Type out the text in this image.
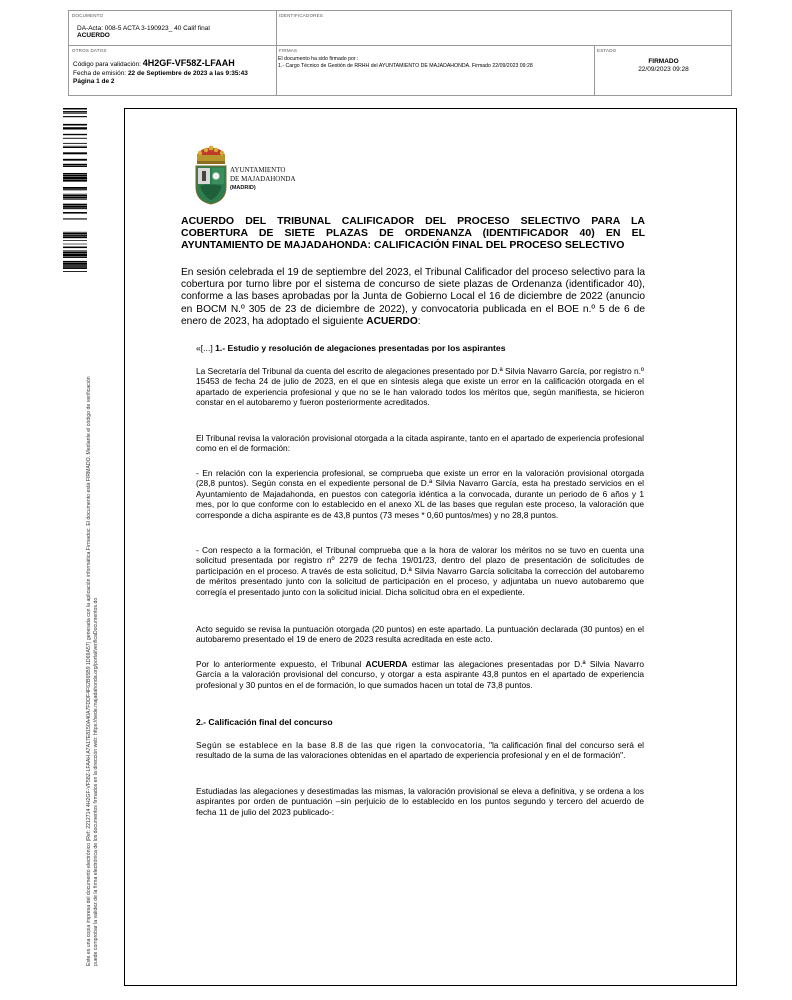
DOCUMENTO
DA-Acta: 008-5 ACTA 3-190923_ 40 Calif final
ACUERDO
IDENTIFICADORES
OTROS DATOS
Código para validación: 4H2GF-VF58Z-LFAAH
Fecha de emisión: 22 de Septiembre de 2023 a las 9:35:43
Página 1 de 2
FIRMAS
El documento ha sido firmado por :
1.- Cargo Técnico de Gestión de RRHH del AYUNTAMIENTO DE MAJADAHONDA. Firmado 22/09/2023 09:28
ESTADO
FIRMADO
22/09/2023 09:28
Este es una copia impresa del documento electrónico (Ref: 2212714 4H2GF-VF58Z-LFAAH A7A17E8150A40A7FDDF4F62B65B9 1D69A57) generada con la aplicación informática Firmadoc. El documento está FIRMADO. Mediante el código de verificación puede comprobar la validez de la firma electrónica de los documentos firmados en la dirección web: https://sede.majadahonda.org/portal/verificaDocumentos.do
AYUNTAMIENTO
DE MAJADAHONDA
(MADRID)
ACUERDO DEL TRIBUNAL CALIFICADOR DEL PROCESO SELECTIVO PARA LA COBERTURA DE SIETE PLAZAS DE ORDENANZA (IDENTIFICADOR 40) EN EL AYUNTAMIENTO DE MAJADAHONDA: CALIFICACIÓN FINAL DEL PROCESO SELECTIVO
En sesión celebrada el 19 de septiembre del 2023, el Tribunal Calificador del proceso selectivo para la cobertura por turno libre por el sistema de concurso de siete plazas de Ordenanza (identificador 40), conforme a las bases aprobadas por la Junta de Gobierno Local el 16 de diciembre de 2022 (anuncio en BOCM N.º 305 de 23 de diciembre de 2022), y convocatoria publicada en el BOE n.º 5 de 6 de enero de 2023, ha adoptado el siguiente ACUERDO:
«[...] 1.- Estudio y resolución de alegaciones presentadas por los aspirantes
La Secretaría del Tribunal da cuenta del escrito de alegaciones presentado por D.ª Silvia Navarro García, por registro n.º 15453 de fecha 24 de julio de 2023, en el que en síntesis alega que existe un error en la calificación otorgada en el apartado de experiencia profesional y que no se le han valorado todos los méritos que, según manifiesta, se hicieron constar en el autobaremo y fueron posteriormente acreditados.
El Tribunal revisa la valoración provisional otorgada a la citada aspirante, tanto en el apartado de experiencia profesional como en el de formación:
- En relación con la experiencia profesional, se comprueba que existe un error en la valoración provisional otorgada (28,8 puntos). Según consta en el expediente personal de D.ª Silvia Navarro García, esta ha prestado servicios en el Ayuntamiento de Majadahonda, en puestos con categoría idéntica a la convocada, durante un periodo de 6 años y 1 mes, por lo que conforme con lo establecido en el anexo XL de las bases que regulan este proceso, la valoración que corresponde a dicha aspirante es de 43,8 puntos (73 meses * 0,60 puntos/mes) y no 28,8 puntos.
- Con respecto a la formación, el Tribunal comprueba que a la hora de valorar los méritos no se tuvo en cuenta una solicitud presentada por registro nº 2279 de fecha 19/01/23, dentro del plazo de presentación de solicitudes de participación en el proceso. A través de esta solicitud, D.ª Silvia Navarro García solicitaba la corrección del autobaremo de méritos presentado junto con la solicitud de participación en el proceso, y adjuntaba un nuevo autobaremo que corregía el presentado junto con la solicitud inicial. Dicha solicitud obra en el expediente.
Acto seguido se revisa la puntuación otorgada (20 puntos) en este apartado. La puntuación declarada (30 puntos) en el autobaremo presentado el 19 de enero de 2023 resulta acreditada en este acto.
Por lo anteriormente expuesto, el Tribunal ACUERDA estimar las alegaciones presentadas por D.ª Silvia Navarro García a la valoración provisional del concurso, y otorgar a esta aspirante 43,8 puntos en el apartado de experiencia profesional y 30 puntos en el de formación, lo que sumados hacen un total de 73,8 puntos.
2.- Calificación final del concurso
Según se establece en la base 8.8 de las que rigen la convocatoria, "la calificación final del concurso será el resultado de la suma de las valoraciones obtenidas en el apartado de experiencia profesional y en el de formación".
Estudiadas las alegaciones y desestimadas las mismas, la valoración provisional se eleva a definitiva, y se ordena a los aspirantes por orden de puntuación –sin perjuicio de lo establecido en los puntos segundo y tercero del acuerdo de fecha 11 de julio del 2023 publicado-:
